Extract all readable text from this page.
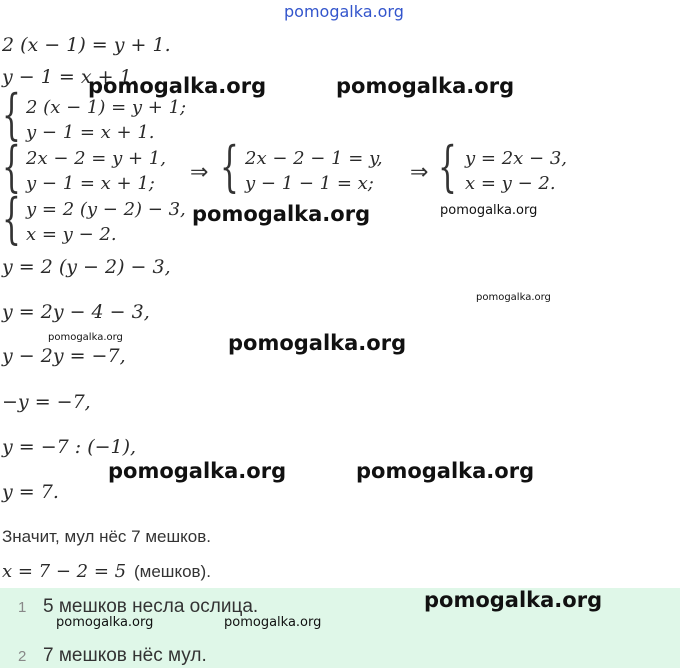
pomogalka.org
2 (x − 1) = y + 1.
y − 1 = x + 1.
{ 2 (x − 1) = y + 1;
y − 1 = x + 1.
{ 2x − 2 = y + 1,
y − 1 = x + 1; ⇒ { 2x − 2 − 1 = y,
y − 1 − 1 = x; ⇒ { y = 2x − 3,
x = y − 2.
{ y = 2 (y − 2) − 3,
x = y − 2.
y = 2 (y − 2) − 3,
y = 2y − 4 − 3,
y − 2y = −7,
−y = −7,
y = −7 : (−1),
y = 7.
Значит, мул нёс 7 мешков.
x = 7 − 2 = 5 (мешков).
1 5 мешков несла ослица.
2 7 мешков нёс мул.
pomogalka.org	pomogalka.org
pomogalka.org	pomogalka.org
pomogalka.org
pomogalka.org	pomogalka.org
pomogalka.org	pomogalka.org
pomogalka.org
pomogalka.org	pomogalka.org
